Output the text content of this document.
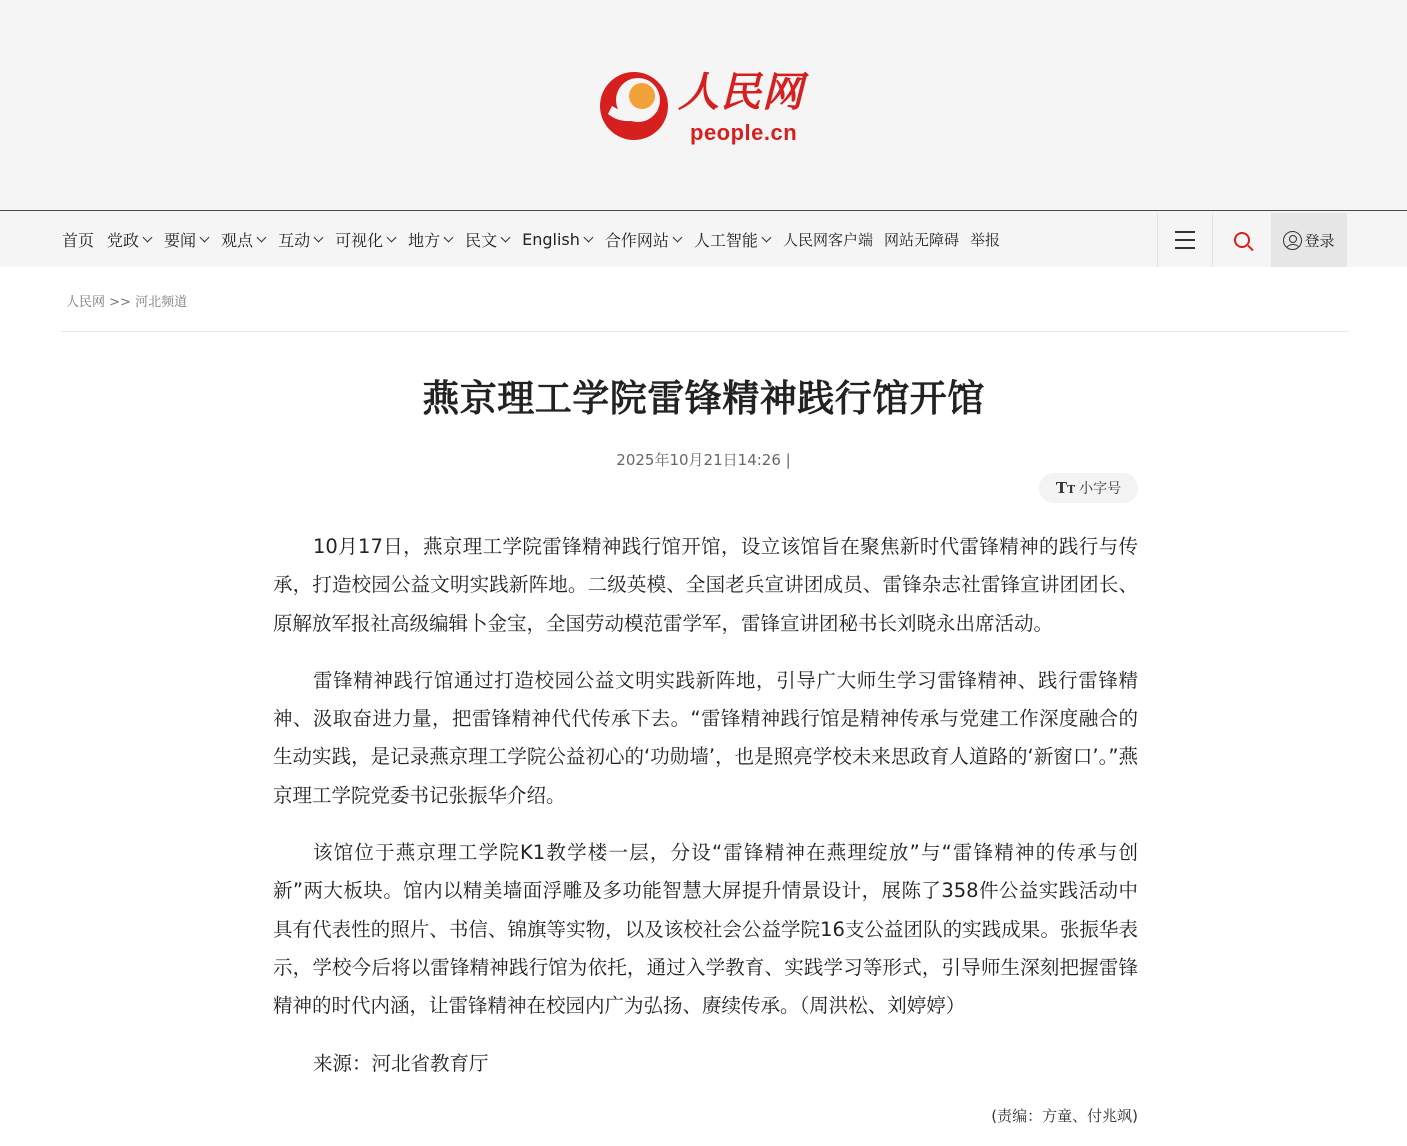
人民网
people.cn
首页 党政 要闻 观点 互动 可视化 地方 民文 English 合作网站 人工智能 人民网客户端 网站无障碍 举报	登录
人民网 >> 河北频道
燕京理工学院雷锋精神践行馆开馆
2025年10月21日14:26 |
TT 小字号

10月17日，燕京理工学院雷锋精神践行馆开馆，设立该馆旨在聚焦新时代雷锋精神的践行与传承，打造校园公益文明实践新阵地。二级英模、全国老兵宣讲团成员、雷锋杂志社雷锋宣讲团团长、原解放军报社高级编辑卜金宝，全国劳动模范雷学军，雷锋宣讲团秘书长刘晓永出席活动。

雷锋精神践行馆通过打造校园公益文明实践新阵地，引导广大师生学习雷锋精神、践行雷锋精神、汲取奋进力量，把雷锋精神代代传承下去。“雷锋精神践行馆是精神传承与党建工作深度融合的生动实践，是记录燕京理工学院公益初心的‘功勋墙’，也是照亮学校未来思政育人道路的‘新窗口’。”燕京理工学院党委书记张振华介绍。

该馆位于燕京理工学院K1教学楼一层，分设“雷锋精神在燕理绽放”与“雷锋精神的传承与创新”两大板块。馆内以精美墙面浮雕及多功能智慧大屏提升情景设计，展陈了358件公益实践活动中具有代表性的照片、书信、锦旗等实物，以及该校社会公益学院16支公益团队的实践成果。张振华表示，学校今后将以雷锋精神践行馆为依托，通过入学教育、实践学习等形式，引导师生深刻把握雷锋精神的时代内涵，让雷锋精神在校园内广为弘扬、赓续传承。（周洪松、刘婷婷）

来源：河北省教育厅

(责编：方童、付兆飒)
